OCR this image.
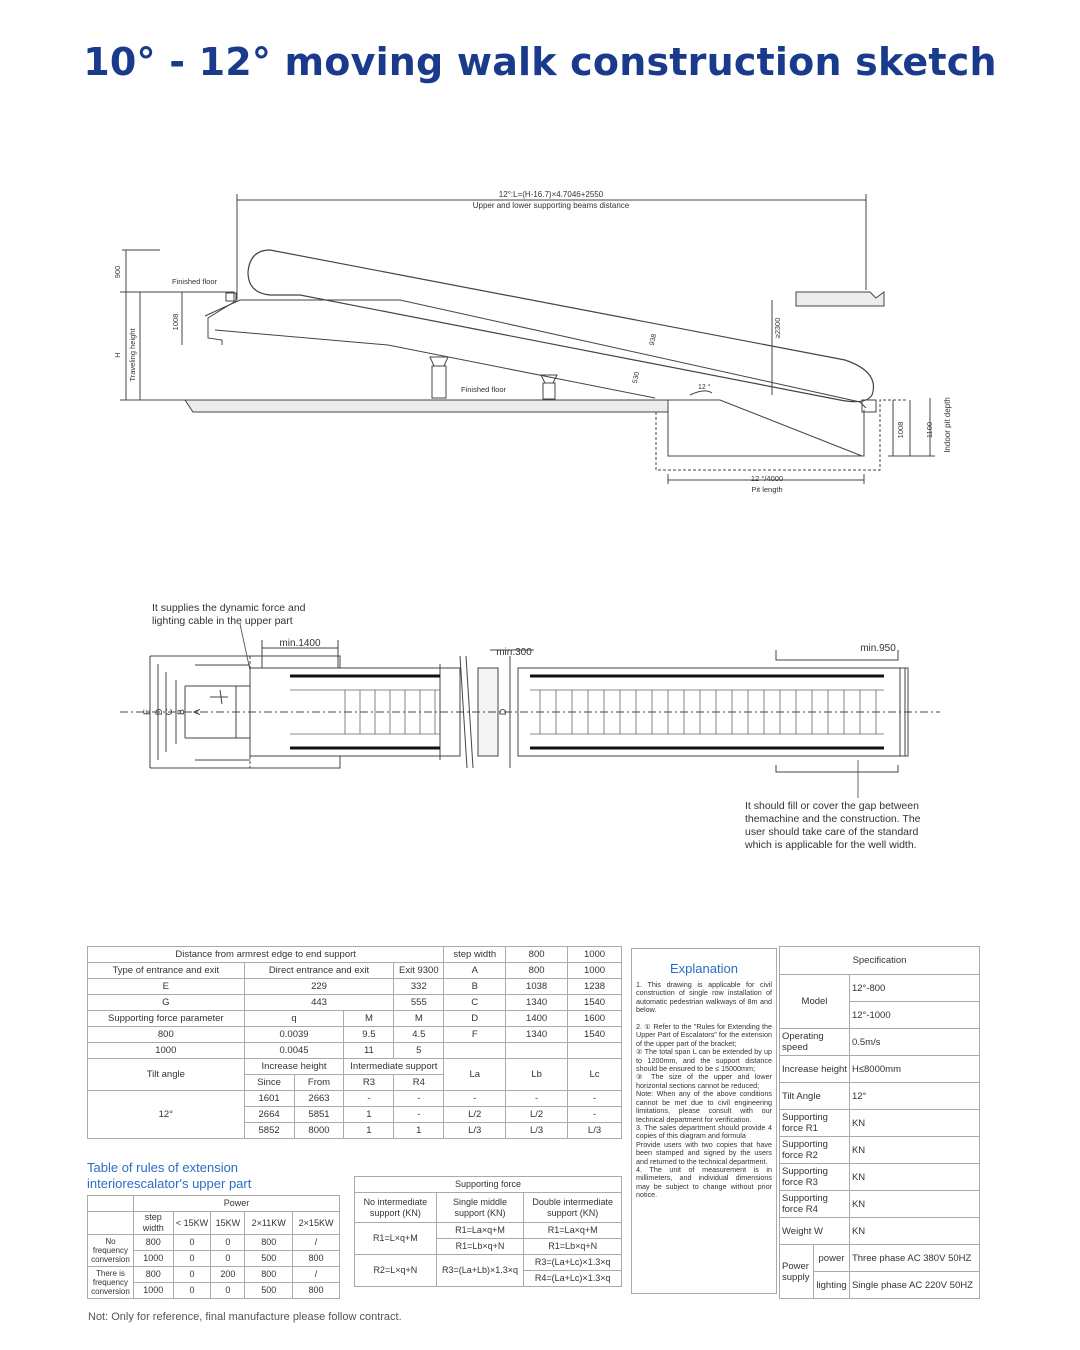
10° - 12° moving walk construction sketch
12°:L=(H-16.7)×4.7046+2550
Upper and lower supporting beams distance
Finished floor
Finished floor
900
1008
H Traveling height	938
530
≥2300
12 °
12 °/4000
Pit length
1008	1100 Indoor pit depth
min.1400
min.300	min.950
E D C B A	D
It supplies the dynamic force and lighting cable in the upper part
It should fill or cover the gap between themachine and the construction. The user should take care of the standard which is applicable for the well width.
Distance from armrest edge to end support					step width	800	1000
Type of entrance and exit	Direct entrance and exit			Exit 9300	A	800	1000
E	229			332	B	1038	1238
G	443			555	C	1340	1540
Supporting force parameter	q		M	M	D	1400	1600
800	0.0039		9.5	4.5	F	1340	1540
1000	0.0045		11	5			
Tilt angle	Increase height		Intermediate support		La	Lb	Lc
	Since	From	R3	R4			
12°	1601	2663	-	-	-	-	-
	2664	5851	1	-	L/2	L/2	-
	5852	8000	1	1	L/3	L/3	L/3
Table of rules of extension interiorescalator's upper part
	Power				
	step width	< 15KW	15KW	2×11KW	2×15KW
No frequency conversion	800	0	0	800	/
	1000	0	0	500	800
There is frequency conversion	800	0	200	800	/
	1000	0	0	500	800
Supporting force		
No intermediate support (KN)	Single middle support (KN)	Double intermediate support (KN)
R1=L×q+M	R1=La×q+M	R1=La×q+M
	R1=Lb×q+N	R1=Lb×q+N
R2=L×q+N	R3=(La+Lb)×1.3×q	R3=(La+Lc)×1.3×q
		R4=(La+Lc)×1.3×q
Explanation
1. This drawing is applicable for civil construction of single row installation of automatic pedestrian walkways of 8m and below.

2. ① Refer to the "Rules for Extending the Upper Part of Escalators" for the extension of the upper part of the bracket;
② The total span L can be extended by up to 1200mm, and the support distance should be ensured to be ≤ 15000mm;
③ The size of the upper and lower horizontal sections cannot be reduced;
Note: When any of the above conditions cannot be met due to civil engineering limitations, please consult with our technical department for verification.
3. The sales department should provide 4 copies of this diagram and formula
Provide users with two copies that have been stamped and signed by the users and returned to the technical department.
4. The unit of measurement is in millimeters, and individual dimensions may be subject to change without prior notice.
Specification		
Model		12°-800
		12°-1000
Operating speed		0.5m/s
Increase height		H≤8000mm
Tilt Angle		12°
Supporting force R1		KN
Supporting force R2		KN
Supporting force R3		KN
Supporting force R4		KN
Weight W		KN
Power supply	power	Three phase AC 380V 50HZ
	lighting	Single phase AC 220V 50HZ
Not: Only for reference, final manufacture please follow contract.
